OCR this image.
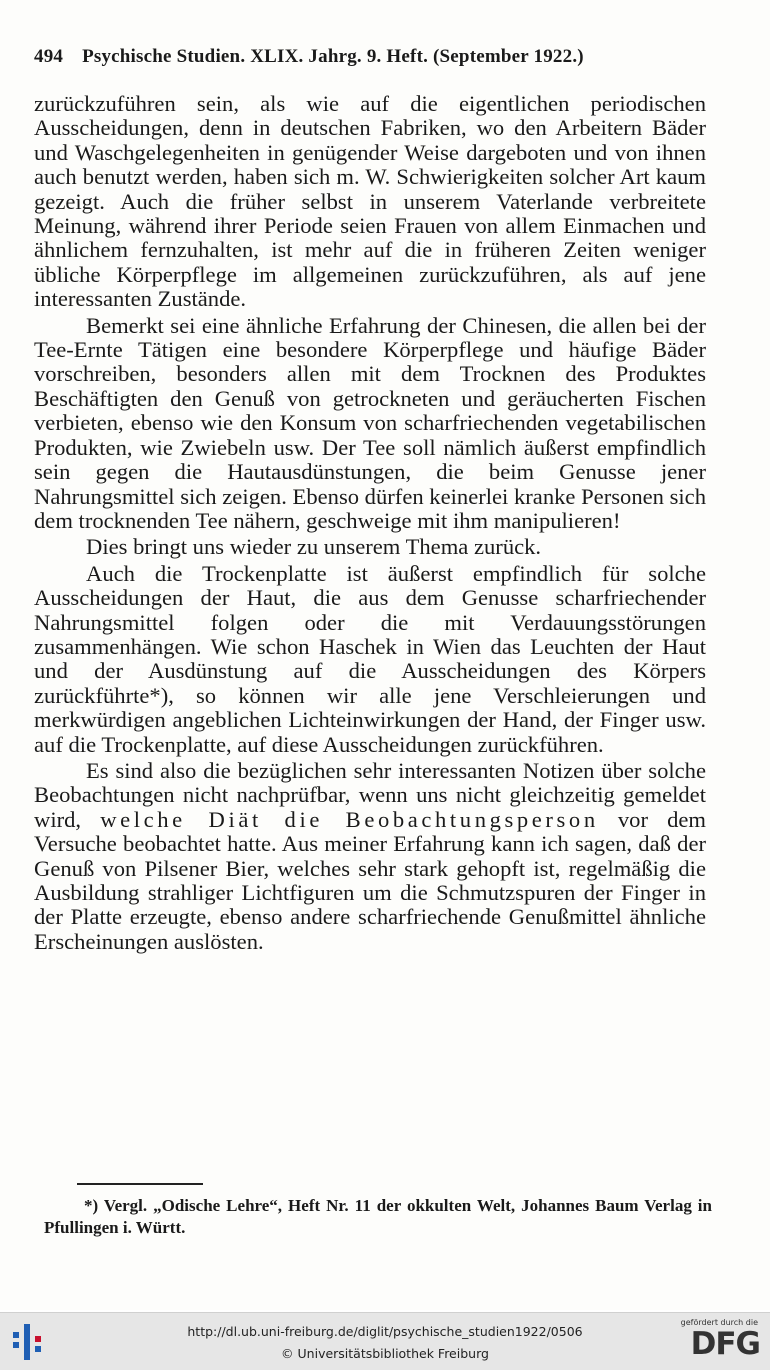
494 Psychische Studien. XLIX. Jahrg. 9. Heft. (September 1922.)

zurückzuführen sein, als wie auf die eigentlichen periodischen Ausscheidungen, denn in deutschen Fabriken, wo den Arbeitern Bäder und Waschgelegenheiten in genügender Weise dargeboten und von ihnen auch benutzt werden, haben sich m. W. Schwierigkeiten solcher Art kaum gezeigt. Auch die früher selbst in unserem Vaterlande verbreitete Meinung, während ihrer Periode seien Frauen von allem Einmachen und ähnlichem fernzuhalten, ist mehr auf die in früheren Zeiten weniger übliche Körperpflege im allgemeinen zurückzuführen, als auf jene interessanten Zustände.

Bemerkt sei eine ähnliche Erfahrung der Chinesen, die allen bei der Tee-Ernte Tätigen eine besondere Körperpflege und häufige Bäder vorschreiben, besonders allen mit dem Trocknen des Produktes Beschäftigten den Genuß von getrockneten und geräucherten Fischen verbieten, ebenso wie den Konsum von scharfriechenden vegetabilischen Produkten, wie Zwiebeln usw. Der Tee soll nämlich äußerst empfindlich sein gegen die Hautausdünstungen, die beim Genusse jener Nahrungsmittel sich zeigen. Ebenso dürfen keinerlei kranke Personen sich dem trocknenden Tee nähern, geschweige mit ihm manipulieren!

Dies bringt uns wieder zu unserem Thema zurück.

Auch die Trockenplatte ist äußerst empfindlich für solche Ausscheidungen der Haut, die aus dem Genusse scharfriechender Nahrungsmittel folgen oder die mit Verdauungsstörungen zusammenhängen. Wie schon Haschek in Wien das Leuchten der Haut und der Ausdünstung auf die Ausscheidungen des Körpers zurückführte*), so können wir alle jene Verschleierungen und merkwürdigen angeblichen Lichteinwirkungen der Hand, der Finger usw. auf die Trockenplatte, auf diese Ausscheidungen zurückführen.

Es sind also die bezüglichen sehr interessanten Notizen über solche Beobachtungen nicht nachprüfbar, wenn uns nicht gleichzeitig gemeldet wird, welche Diät die Beobachtungsperson vor dem Versuche beobachtet hatte. Aus meiner Erfahrung kann ich sagen, daß der Genuß von Pilsener Bier, welches sehr stark gehopft ist, regelmäßig die Ausbildung strahliger Lichtfiguren um die Schmutzspuren der Finger in der Platte erzeugte, ebenso andere scharfriechende Genußmittel ähnliche Erscheinungen auslösten.

*) Vergl. „Odische Lehre“, Heft Nr. 11 der okkulten Welt, Johannes Baum Verlag in Pfullingen i. Württ.
http://dl.ub.uni-freiburg.de/diglit/psychische_studien1922/0506
© Universitätsbibliothek Freiburg
gefördert durch die
DFG
